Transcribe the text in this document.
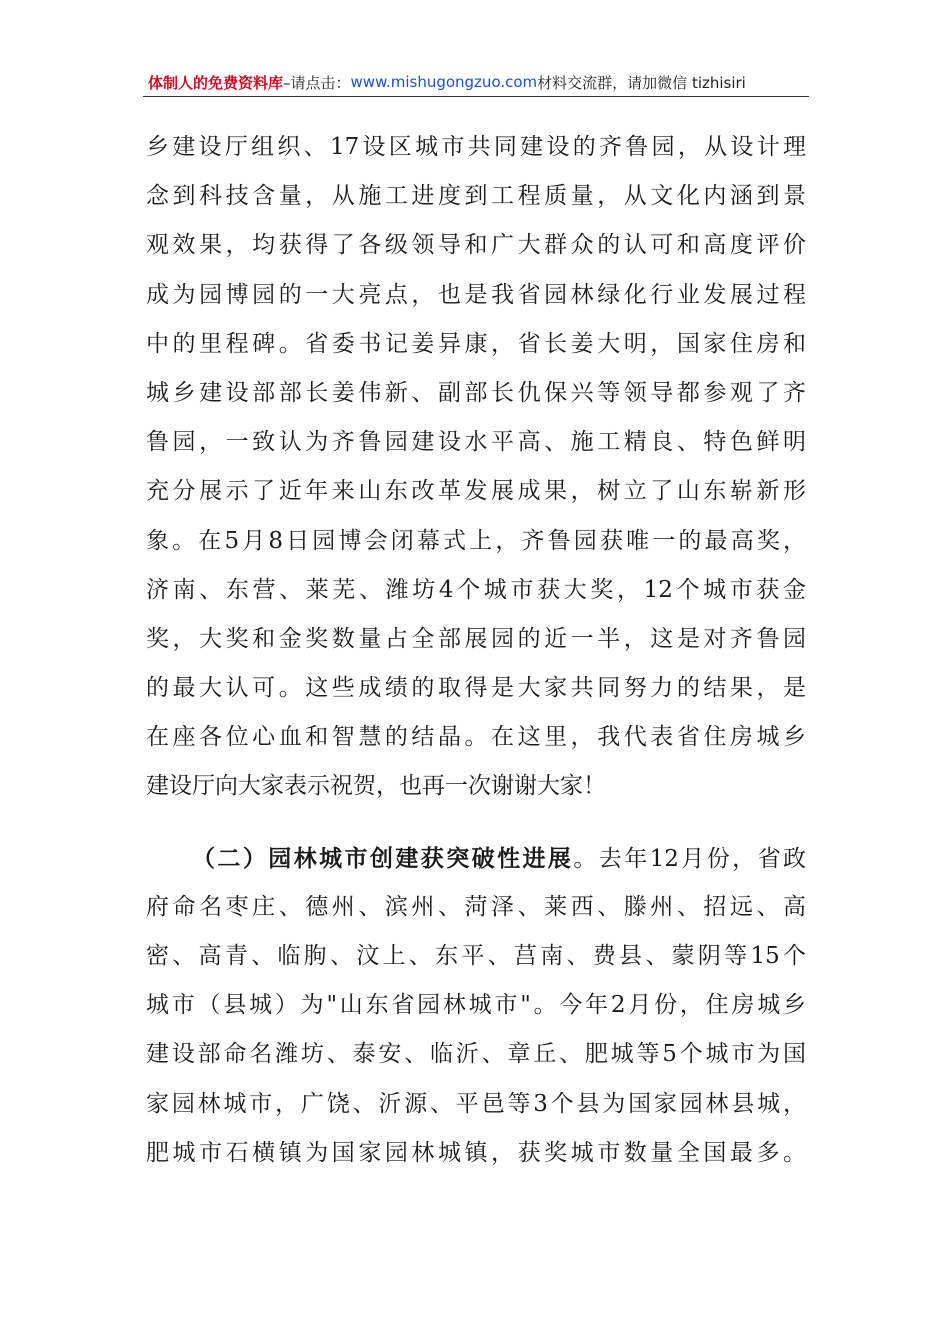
体制人的免费资料库 –请点击： www.mishugongzuo.com 材料交流群，请加微信 tizhisiri
乡建设厅组织、17设区城市共同建设的齐鲁园，从设计理
念到科技含量，从施工进度到工程质量，从文化内涵到景
观效果，均获得了各级领导和广大群众的认可和高度评价
成为园博园的一大亮点，也是我省园林绿化行业发展过程
中的里程碑。省委书记姜异康，省长姜大明，国家住房和
城乡建设部部长姜伟新、副部长仇保兴等领导都参观了齐
鲁园，一致认为齐鲁园建设水平高、施工精良、特色鲜明
充分展示了近年来山东改革发展成果，树立了山东崭新形
象。在5月8日园博会闭幕式上，齐鲁园获唯一的最高奖，
济南、东营、莱芜、潍坊4个城市获大奖，12个城市获金
奖，大奖和金奖数量占全部展园的近一半，这是对齐鲁园
的最大认可。这些成绩的取得是大家共同努力的结果，是
在座各位心血和智慧的结晶。在这里，我代表省住房城乡
建设厅向大家表示祝贺，也再一次谢谢大家！
（二）园林城市创建获突破性进展。去年12月份，省政
府命名枣庄、德州、滨州、菏泽、莱西、滕州、招远、高
密、高青、临朐、汶上、东平、莒南、费县、蒙阴等15个
城市（县城）为"山东省园林城市"。今年2月份，住房城乡
建设部命名潍坊、泰安、临沂、章丘、肥城等5个城市为国
家园林城市，广饶、沂源、平邑等3个县为国家园林县城，
肥城市石横镇为国家园林城镇，获奖城市数量全国最多。
